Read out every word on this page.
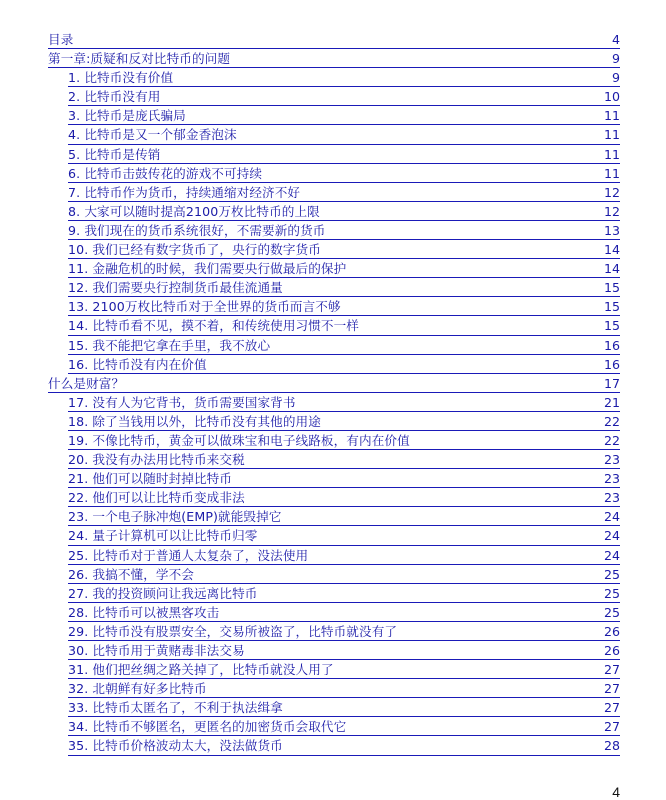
目录	4
第一章:质疑和反对比特币的问题	9
1. 比特币没有价值	9
2. 比特币没有用	10
3. 比特币是庞氏骗局	11
4. 比特币是又一个郁金香泡沫	11
5. 比特币是传销	11
6. 比特币击鼓传花的游戏不可持续	11
7. 比特币作为货币，持续通缩对经济不好	12
8. 大家可以随时提高2100万枚比特币的上限	12
9. 我们现在的货币系统很好，不需要新的货币	13
10. 我们已经有数字货币了，央行的数字货币	14
11. 金融危机的时候，我们需要央行做最后的保护	14
12. 我们需要央行控制货币最佳流通量	15
13. 2100万枚比特币对于全世界的货币而言不够	15
14. 比特币看不见，摸不着，和传统使用习惯不一样	15
15. 我不能把它拿在手里，我不放心	16
16. 比特币没有内在价值	16
什么是财富？	17
17. 没有人为它背书，货币需要国家背书	21
18. 除了当钱用以外，比特币没有其他的用途	22
19. 不像比特币，黄金可以做珠宝和电子线路板，有内在价值	22
20. 我没有办法用比特币来交税	23
21. 他们可以随时封掉比特币	23
22. 他们可以让比特币变成非法	23
23. 一个电子脉冲炮(EMP)就能毁掉它	24
24. 量子计算机可以让比特币归零	24
25. 比特币对于普通人太复杂了，没法使用	24
26. 我搞不懂，学不会	25
27. 我的投资顾问让我远离比特币	25
28. 比特币可以被黑客攻击	25
29. 比特币没有股票安全，交易所被盗了，比特币就没有了	26
30. 比特币用于黄赌毒非法交易	26
31. 他们把丝绸之路关掉了，比特币就没人用了	27
32. 北朝鲜有好多比特币	27
33. 比特币太匿名了，不利于执法缉拿	27
34. 比特币不够匿名，更匿名的加密货币会取代它	27
35. 比特币价格波动太大，没法做货币	28
4
